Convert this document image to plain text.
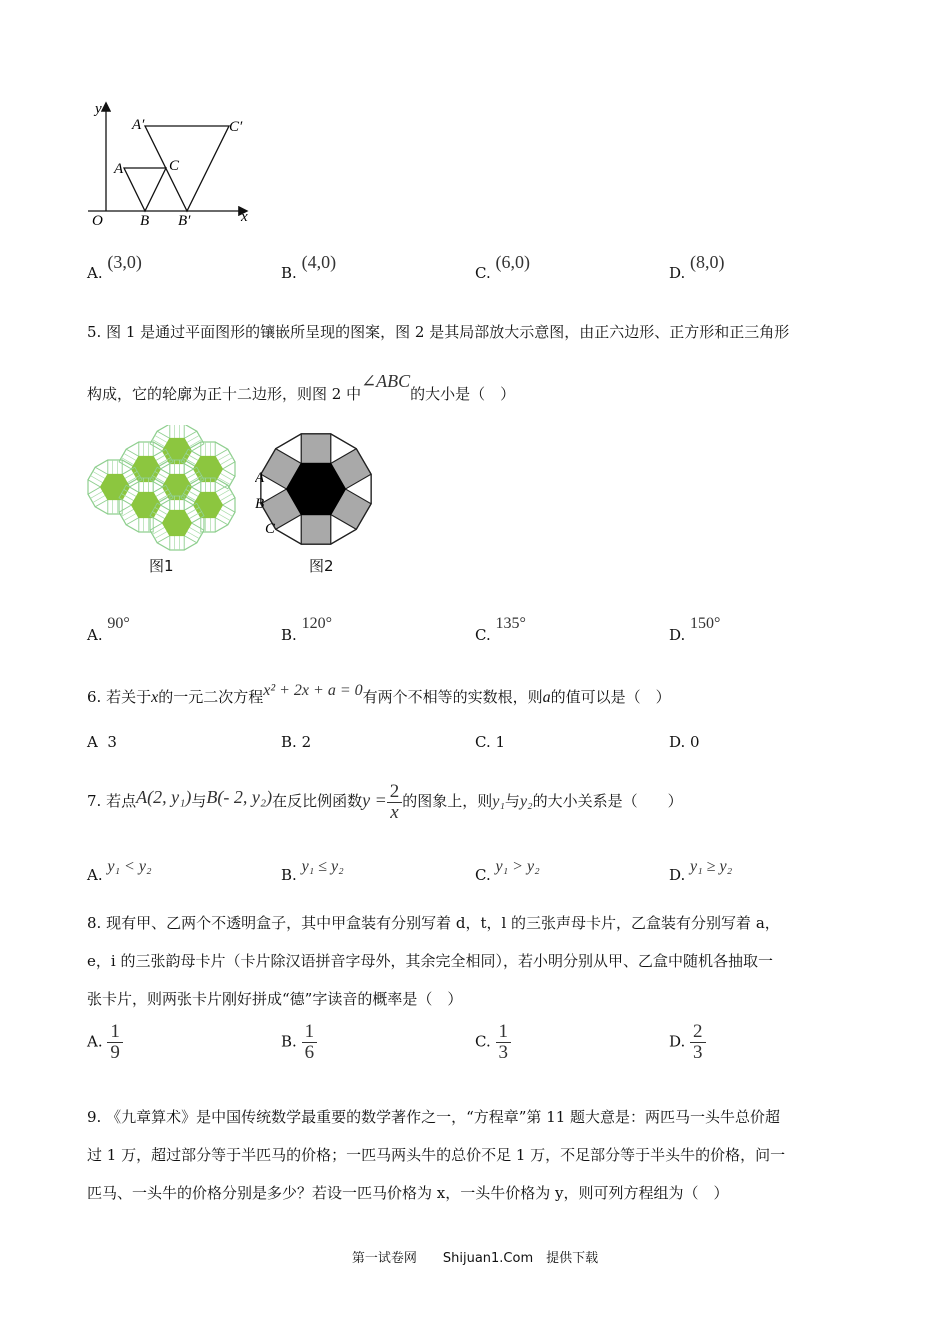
y
x
O
A
B
C
A′
B′
C′
A. (3,0)
B. (4,0)
C. (6,0)
D. (8,0)
5. 图 1 是通过平面图形的镶嵌所呈现的图案，图 2 是其局部放大示意图，由正六边形、正方形和正三角形
构成，它的轮廓为正十二边形，则图 2 中∠ABC的大小是（　）
图1
A
B
C
图2
A. 90°
B. 120°
C. 135°
D. 150°
6. 若关于x的一元二次方程x² + 2x + a = 0有两个不相等的实数根，则a的值可以是（　）
A 3	B. 2	C. 1	D. 0
7. 若点A(2, y₁)与B(- 2, y₂)在反比例函数$y = \frac{2}{x}$ 的图象上，则y₁与y₂的大小关系是（　　）
A. y₁ < y₂	B. y₁ ≤ y₂	C. y₁ > y₂	D. y₁ ≥ y₂
8. 现有甲、乙两个不透明盒子，其中甲盒装有分别写着 d，t，l 的三张声母卡片，乙盒装有分别写着 a，
e，i 的三张韵母卡片（卡片除汉语拼音字母外，其余完全相同），若小明分别从甲、乙盒中随机各抽取一
张卡片，则两张卡片刚好拼成“德”字读音的概率是（　）
A. $\frac{1}{9}$	B. $\frac{1}{6}$	C. $\frac{1}{3}$	D. $\frac{2}{3}$
9. 《九章算术》是中国传统数学最重要的数学著作之一，“方程章”第 11 题大意是：两匹马一头牛总价超
过 1 万，超过部分等于半匹马的价格；一匹马两头牛的总价不足 1 万，不足部分等于半头牛的价格，问一
匹马、一头牛的价格分别是多少？若设一匹马价格为 x，一头牛价格为 y，则可列方程组为（　）
第一试卷网　　Shijuan1.Com　提供下载
